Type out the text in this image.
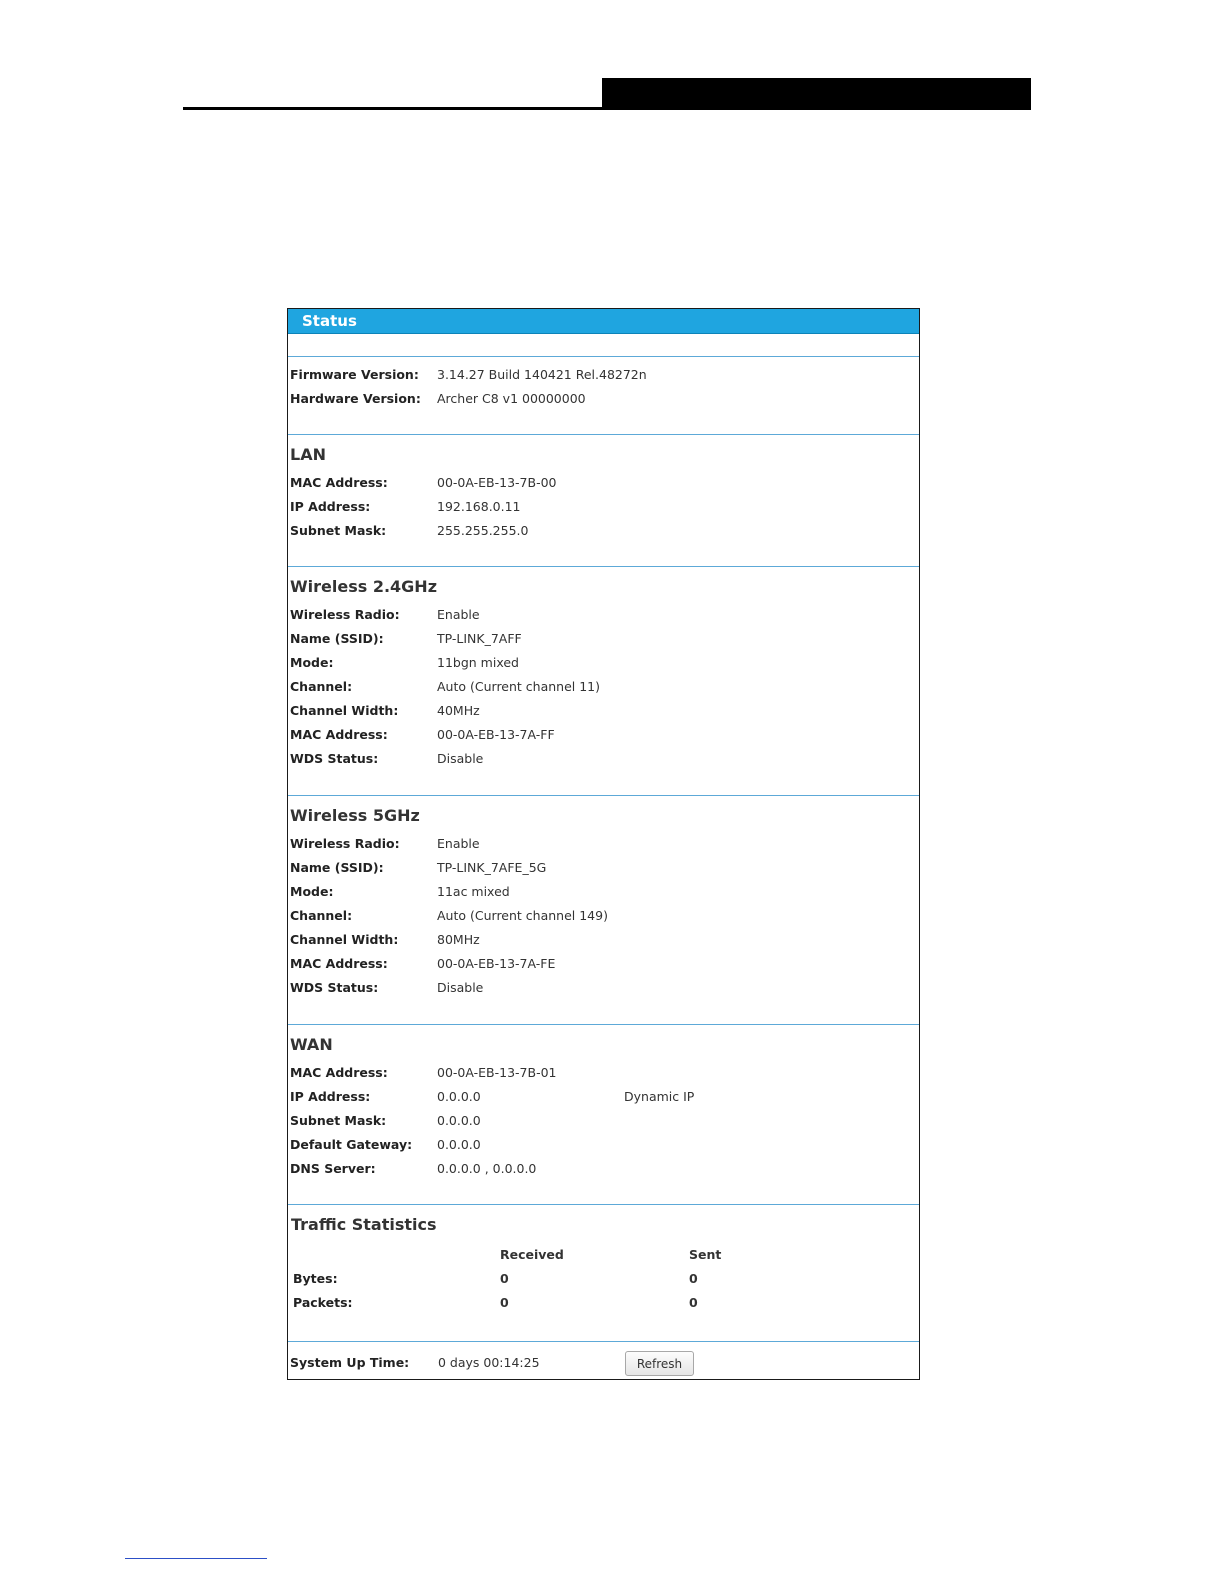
Status
Firmware Version: 3.14.27 Build 140421 Rel.48272n
Hardware Version: Archer C8 v1 00000000
LAN
MAC Address:	00-0A-EB-13-7B-00
IP Address:	192.168.0.11
Subnet Mask:	255.255.255.0
Wireless 2.4GHz
Wireless Radio:	Enable
Name (SSID):	TP-LINK_7AFF
Mode:	11bgn mixed
Channel:	Auto (Current channel 11)
Channel Width:	40MHz
MAC Address:	00-0A-EB-13-7A-FF
WDS Status:	Disable
Wireless 5GHz
Wireless Radio:	Enable
Name (SSID):	TP-LINK_7AFE_5G
Mode:	11ac mixed
Channel:	Auto (Current channel 149)
Channel Width:	80MHz
MAC Address:	00-0A-EB-13-7A-FE
WDS Status:	Disable
WAN
MAC Address:	00-0A-EB-13-7B-01
IP Address:	0.0.0.0	Dynamic IP
Subnet Mask:	0.0.0.0
Default Gateway: 0.0.0.0
DNS Server:	0.0.0.0 , 0.0.0.0
Traffic Statistics
Received	Sent
Bytes:	0	0
Packets:	0	0
System Up Time: 0 days 00:14:25	Refresh
